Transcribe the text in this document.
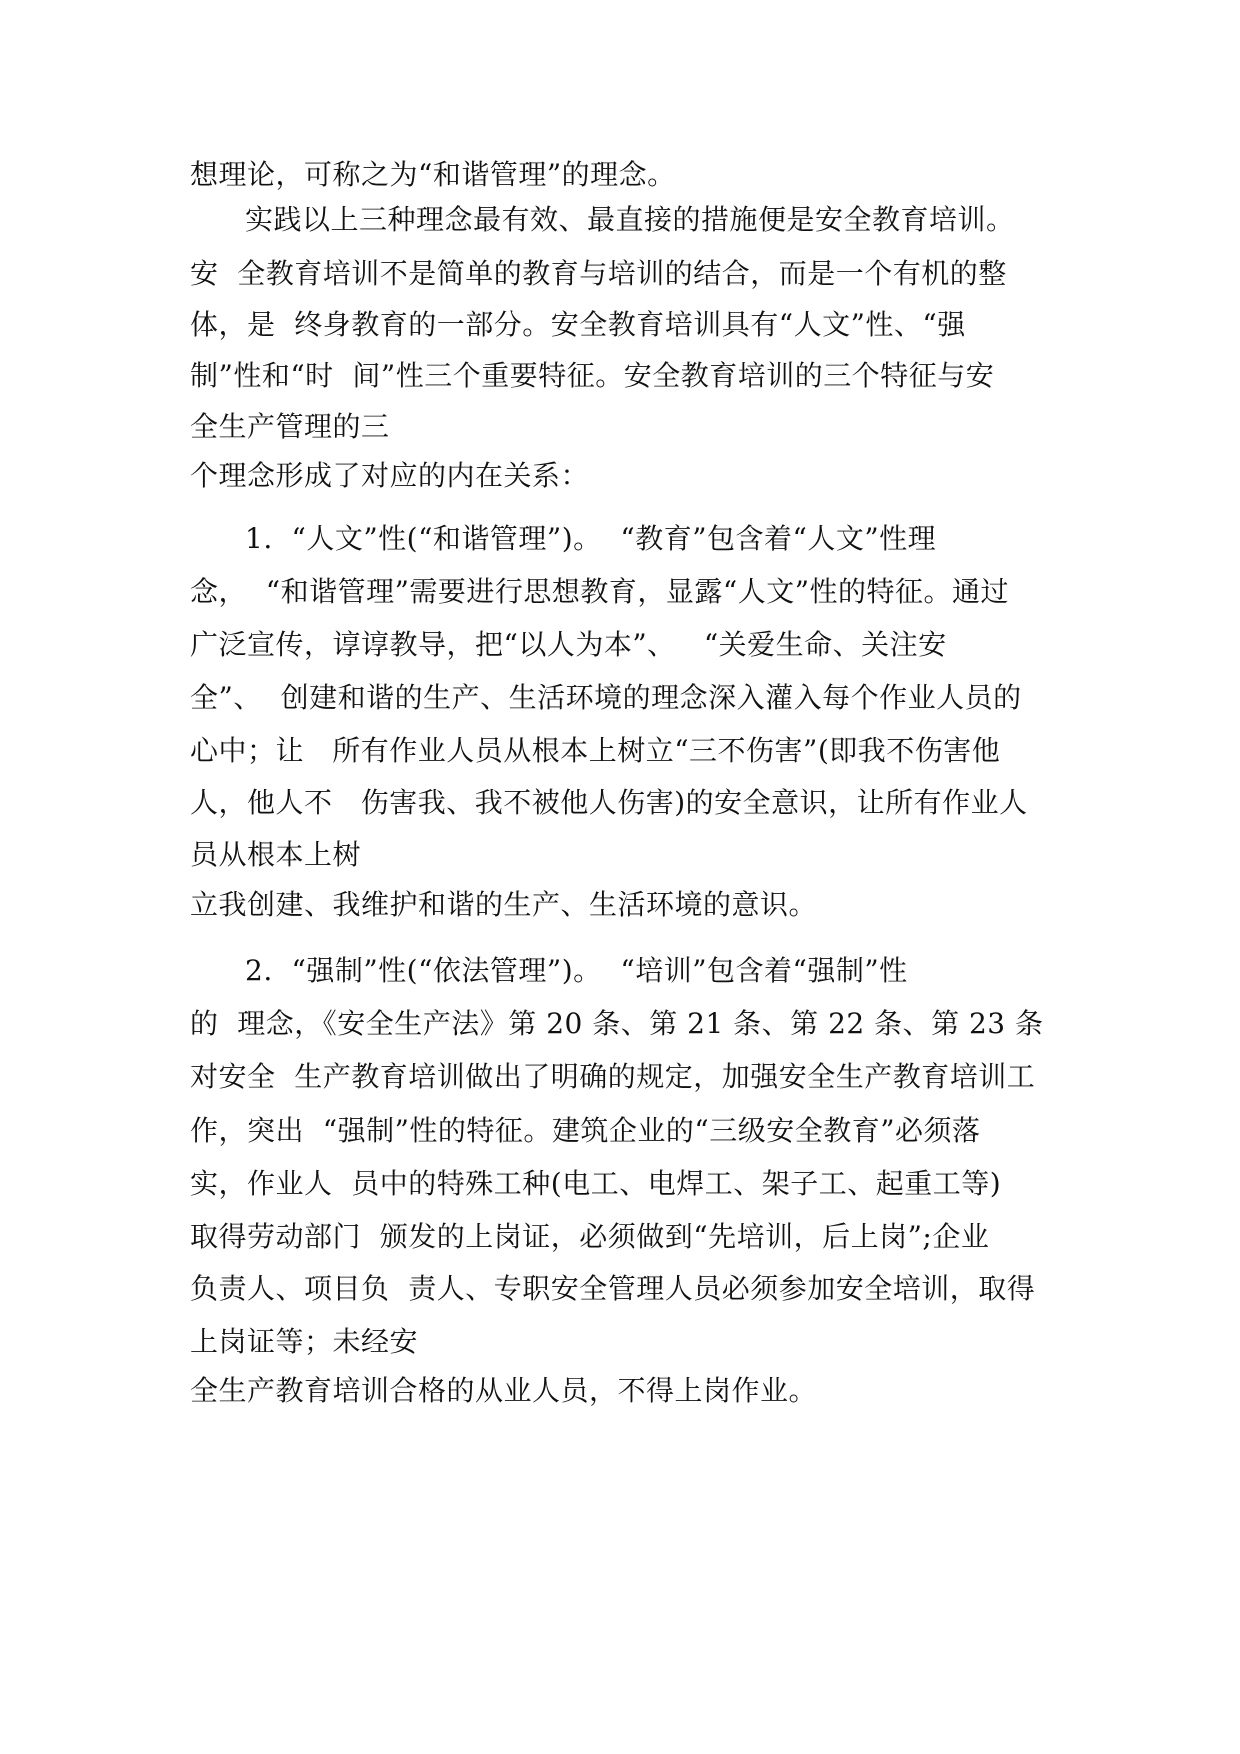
想理论，可称之为“和谐管理”的理念。
实践以上三种理念最有效、最直接的措施便是安全教育培训。
安  全教育培训不是简单的教育与培训的结合，而是一个有机的整
体，是  终身教育的一部分。安全教育培训具有“人文”性、“强
制”性和“时  间”性三个重要特征。安全教育培训的三个特征与安
全生产管理的三
个理念形成了对应的内在关系：
1.  “人文”性(“和谐管理”)。  “教育”包含着“人文”性理
念，  “和谐管理”需要进行思想教育，显露“人文”性的特征。通过
广泛宣传，谆谆教导，把“以人为本”、   “关爱生命、关注安
全”、  创建和谐的生产、生活环境的理念深入灌入每个作业人员的
心中；让   所有作业人员从根本上树立“三不伤害”(即我不伤害他
人，他人不   伤害我、我不被他人伤害)的安全意识，让所有作业人
员从根本上树
立我创建、我维护和谐的生产、生活环境的意识。
2.  “强制”性(“依法管理”)。  “培训”包含着“强制”性
的  理念，《安全生产法》第 20 条、第 21 条、第 22 条、第 23 条
对安全  生产教育培训做出了明确的规定，加强安全生产教育培训工
作，突出  “强制”性的特征。建筑企业的“三级安全教育”必须落
实，作业人  员中的特殊工种(电工、电焊工、架子工、起重工等)
取得劳动部门  颁发的上岗证，必须做到“先培训，后上岗”;企业
负责人、项目负  责人、专职安全管理人员必须参加安全培训，取得
上岗证等；未经安
全生产教育培训合格的从业人员，不得上岗作业。
